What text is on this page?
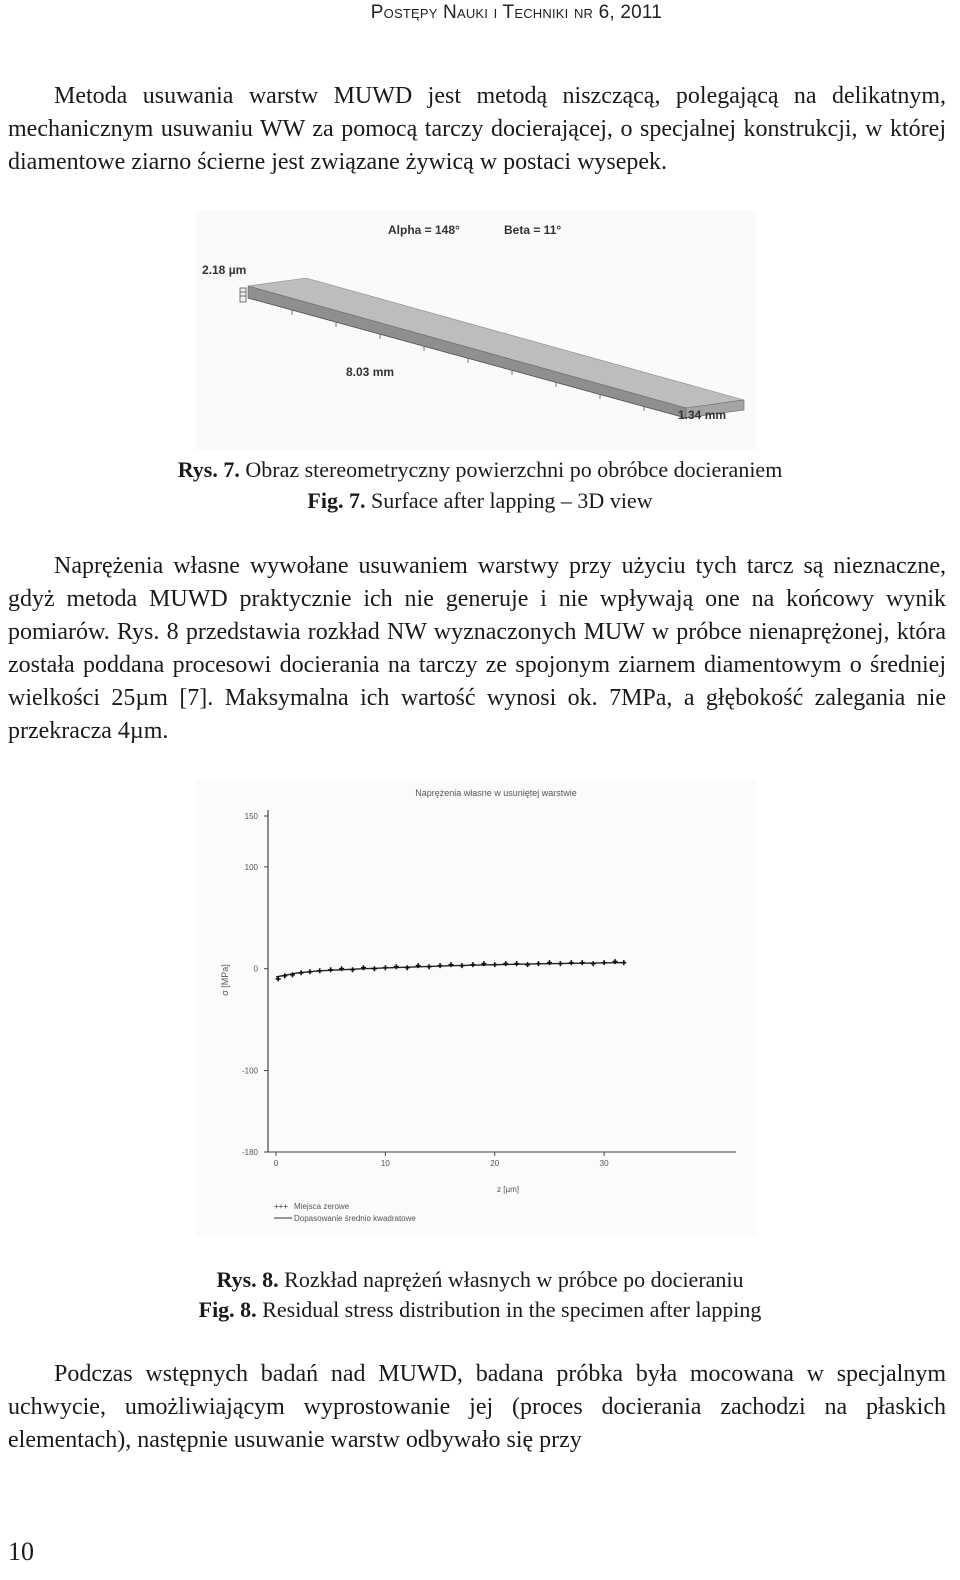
Postępy Nauki i Techniki nr 6, 2011

Metoda usuwania warstw MUWD jest metodą niszczącą, polegającą na delikatnym, mechanicznym usuwaniu WW za pomocą tarczy docierającej, o specjalnej konstrukcji, w której diamentowe ziarno ścierne jest związane żywicą w postaci wysepek.

Alpha = 148°	Beta = 11°
2.18 µm
8.03 mm
1.34 mm
Rys. 7. Obraz stereometryczny powierzchni po obróbce docieraniem
Fig. 7. Surface after lapping – 3D view

Naprężenia własne wywołane usuwaniem warstwy przy użyciu tych tarcz są nieznaczne, gdyż metoda MUWD praktycznie ich nie generuje i nie wpływają one na końcowy wynik pomiarów. Rys. 8 przedstawia rozkład NW wyznaczonych MUW w próbce nienaprężonej, która została poddana procesowi docierania na tarczy ze spojonym ziarnem diamentowym o średniej wielkości 25µm [7]. Maksymalna ich wartość wynosi ok. 7MPa, a głębokość zalegania nie przekracza 4µm.

Naprężenia własne w usuniętej warstwie
σ [MPa]
z [µm]
150
100
0
-100
-180
0	10	20	30
+++ Miejsca zerowe
Dopasowanie średnio kwadratowe
Rys. 8. Rozkład naprężeń własnych w próbce po docieraniu
Fig. 8. Residual stress distribution in the specimen after lapping

Podczas wstępnych badań nad MUWD, badana próbka była mocowana w specjalnym uchwycie, umożliwiającym wyprostowanie jej (proces docierania zachodzi na płaskich elementach), następnie usuwanie warstw odbywało się przy

10
